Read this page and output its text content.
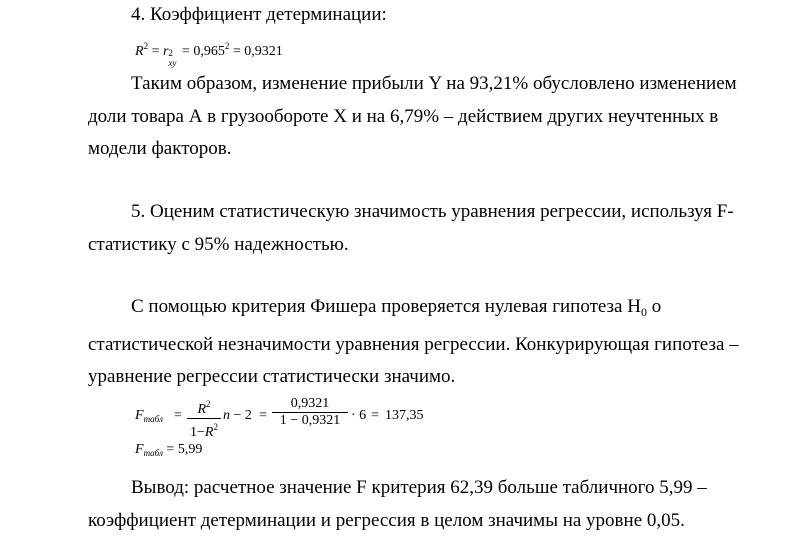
4. Коэффициент детерминации:
$R^2 = r$ 2
xy
= $0,965^2 = 0,9321$
Таким образом, изменение прибыли Y на 93,21% обусловлено изменением
доли товара А в грузообороте X и на 6,79% – действием других неучтенных в
модели факторов.
5. Оценим статистическую значимость уравнения регрессии, используя F-
статистику с 95% надежностью.
С помощью критерия Фишера проверяется нулевая гипотеза $H_0$ о
статистической незначимости уравнения регрессии. Конкурирующая гипотеза –
уравнение регрессии статистически значимо.
$F_{табл} = \frac{R^2}{1-R^2}$ $n - 2 = \frac{0,9321}{1 - 0,9321} \cdot 6 = 137,35$
$F_{табл} = 5,99$
Вывод: расчетное значение F критерия 62,39 больше табличного 5,99 –
коэффициент детерминации и регрессия в целом значимы на уровне 0,05.
